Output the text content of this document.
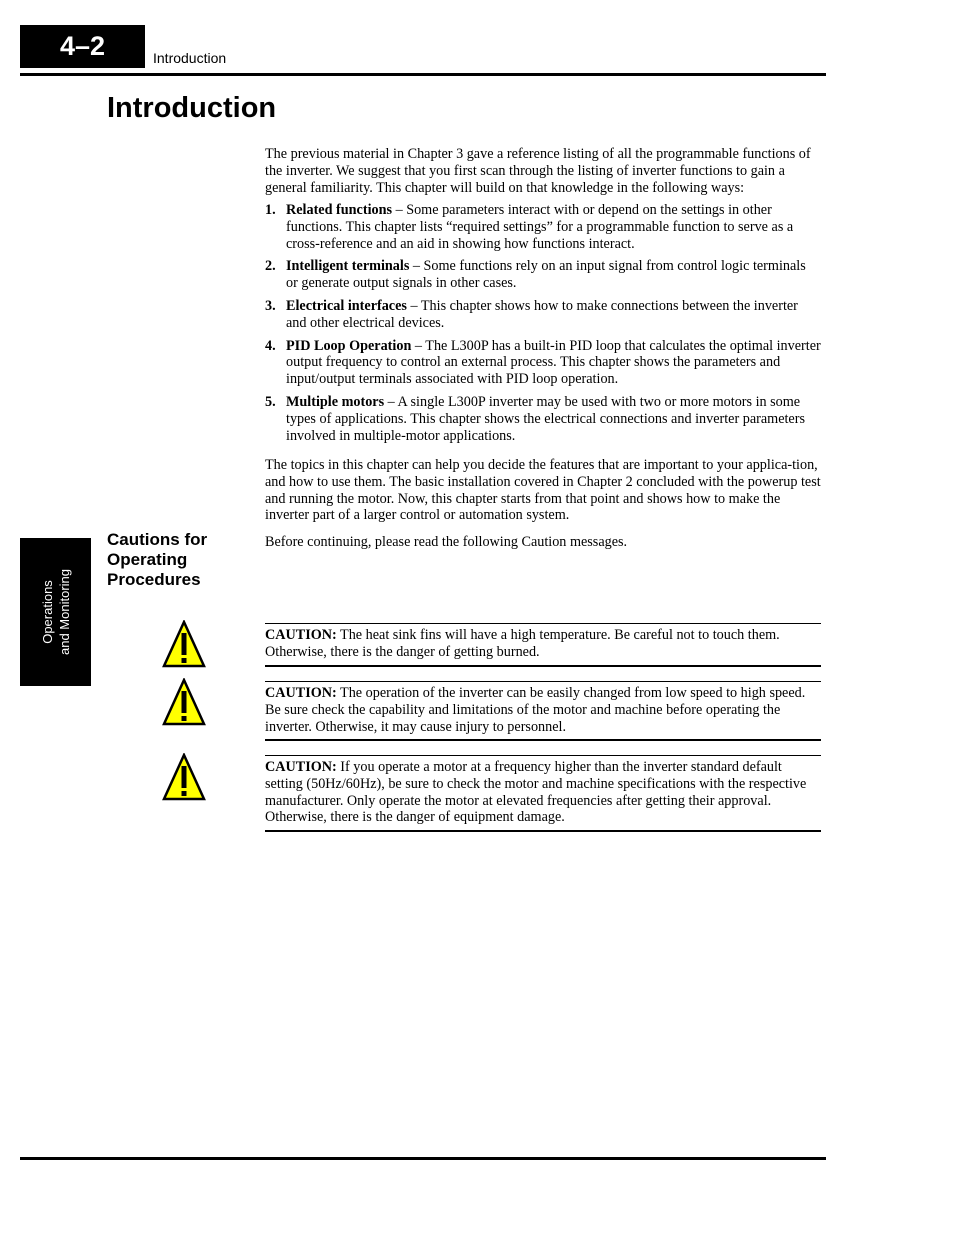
4–2	Introduction
Operations and Monitoring
Introduction

The previous material in Chapter 3 gave a reference listing of all the programmable functions of the inverter. We suggest that you first scan through the listing of inverter functions to gain a general familiarity. This chapter will build on that knowledge in the following ways:

1. Related functions – Some parameters interact with or depend on the settings in other functions. This chapter lists “required settings” for a programmable function to serve as a cross-reference and an aid in showing how functions interact.
2. Intelligent terminals – Some functions rely on an input signal from control logic terminals or generate output signals in other cases.
3. Electrical interfaces – This chapter shows how to make connections between the inverter and other electrical devices.
4. PID Loop Operation – The L300P has a built-in PID loop that calculates the optimal inverter output frequency to control an external process. This chapter shows the parameters and input/output terminals associated with PID loop operation.
5. Multiple motors – A single L300P inverter may be used with two or more motors in some types of applications. This chapter shows the electrical connections and inverter parameters involved in multiple-motor applications.

The topics in this chapter can help you decide the features that are important to your applica-tion, and how to use them. The basic installation covered in Chapter 2 concluded with the powerup test and running the motor. Now, this chapter starts from that point and shows how to make the inverter part of a larger control or automation system.

Cautions for Operating Procedures

Before continuing, please read the following Caution messages.

CAUTION: The heat sink fins will have a high temperature. Be careful not to touch them. Otherwise, there is the danger of getting burned.
CAUTION: The operation of the inverter can be easily changed from low speed to high speed. Be sure check the capability and limitations of the motor and machine before operating the inverter. Otherwise, it may cause injury to personnel.
CAUTION: If you operate a motor at a frequency higher than the inverter standard default setting (50Hz/60Hz), be sure to check the motor and machine specifications with the respective manufacturer. Only operate the motor at elevated frequencies after getting their approval. Otherwise, there is the danger of equipment damage.
